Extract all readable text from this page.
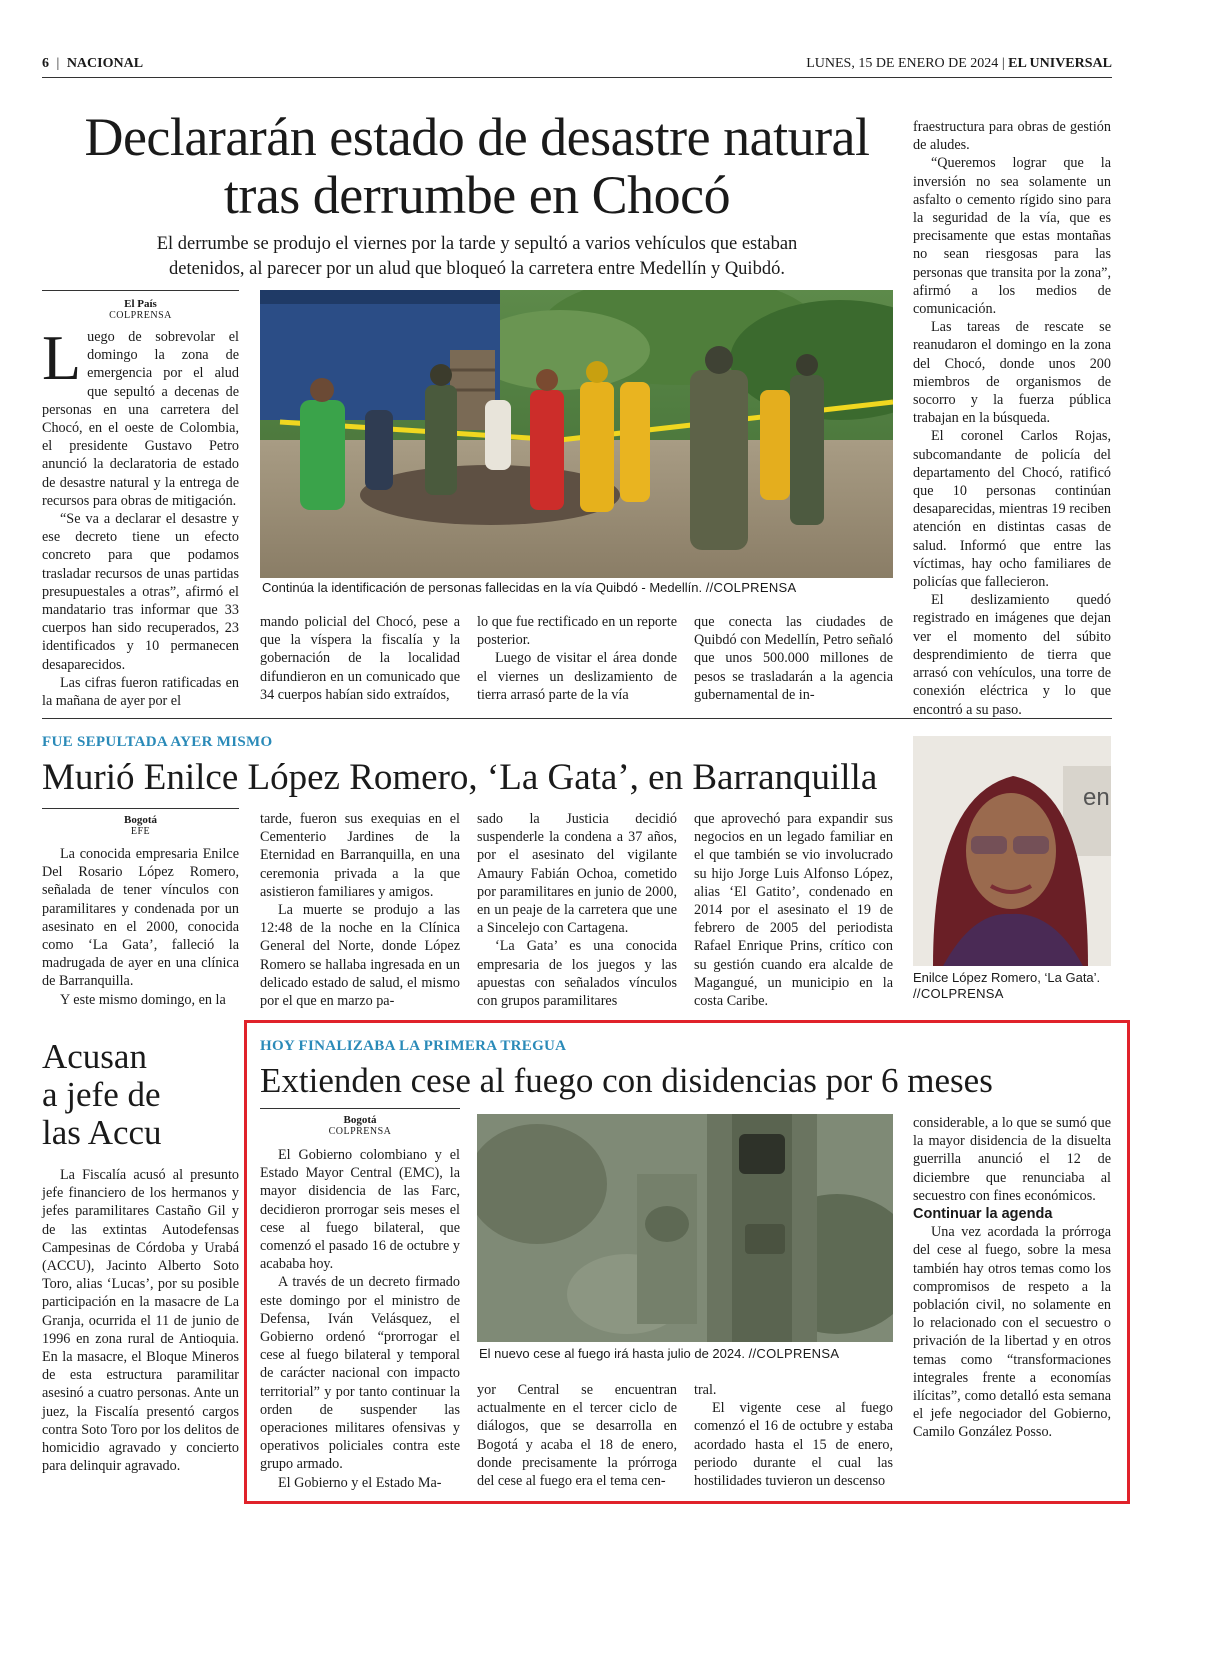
6 | NACIONAL	LUNES, 15 DE ENERO DE 2024 | EL UNIVERSAL
Declararán estado de desastre natural tras derrumbe en Chocó

El derrumbe se produjo el viernes por la tarde y sepultó a varios vehículos que estaban detenidos, al parecer por un alud que bloqueó la carretera entre Medellín y Quibdó.

El País
COLPRENSA

Luego de sobrevolar el domingo la zona de emergencia por el alud que sepultó a decenas de personas en una carretera del Chocó, en el oeste de Colombia, el presidente Gustavo Petro anunció la declaratoria de estado de desastre natural y la entrega de recursos para obras de mitigación.

“Se va a declarar el desastre y ese decreto tiene un efecto concreto para que podamos trasladar recursos de unas partidas presupuestales a otras”, afirmó el mandatario tras informar que 33 cuerpos han sido recuperados, 23 identificados y 10 permanecen desaparecidos.

Las cifras fueron ratificadas en la mañana de ayer por el

Continúa la identificación de personas fallecidas en la vía Quibdó - Medellín. //COLPRENSA

mando policial del Chocó, pese a que la víspera la fiscalía y la gobernación de la localidad difundieron en un comunicado que 34 cuerpos habían sido extraídos,

lo que fue rectificado en un reporte posterior.

Luego de visitar el área donde el viernes un deslizamiento de tierra arrasó parte de la vía

que conecta las ciudades de Quibdó con Medellín, Petro señaló que unos 500.000 millones de pesos se trasladarán a la agencia gubernamental de in-

fraestructura para obras de gestión de aludes.

“Queremos lograr que la inversión no sea solamente un asfalto o cemento rígido sino para la seguridad de la vía, que es precisamente que estas montañas no sean riesgosas para las personas que transita por la zona”, afirmó a los medios de comunicación.

Las tareas de rescate se reanudaron el domingo en la zona del Chocó, donde unos 200 miembros de organismos de socorro y la fuerza pública trabajan en la búsqueda.

El coronel Carlos Rojas, subcomandante de policía del departamento del Chocó, ratificó que 10 personas continúan desaparecidas, mientras 19 reciben atención en distintas casas de salud. Informó que entre las víctimas, hay ocho familiares de policías que fallecieron.

El deslizamiento quedó registrado en imágenes que dejan ver el momento del súbito desprendimiento de tierra que arrasó con vehículos, una torre de conexión eléctrica y lo que encontró a su paso.

FUE SEPULTADA AYER MISMO
Murió Enilce López Romero, ‘La Gata’, en Barranquilla
Bogotá
EFE

La conocida empresaria Enilce Del Rosario López Romero, señalada de tener vínculos con paramilitares y condenada por un asesinato en el 2000, conocida como ‘La Gata’, falleció la madrugada de ayer en una clínica de Barranquilla.

Y este mismo domingo, en la

tarde, fueron sus exequias en el Cementerio Jardines de la Eternidad en Barranquilla, en una ceremonia privada a la que asistieron familiares y amigos.

La muerte se produjo a las 12:48 de la noche en la Clínica General del Norte, donde López Romero se hallaba ingresada en un delicado estado de salud, el mismo por el que en marzo pa-

sado la Justicia decidió suspenderle la condena a 37 años, por el asesinato del vigilante Amaury Fabián Ochoa, cometido por paramilitares en junio de 2000, en un peaje de la carretera que une a Sincelejo con Cartagena.

‘La Gata’ es una conocida empresaria de los juegos y las apuestas con señalados vínculos con grupos paramilitares

que aprovechó para expandir sus negocios en un legado familiar en el que también se vio involucrado su hijo Jorge Luis Alfonso López, alias ‘El Gatito’, condenado en 2014 por el asesinato el 19 de febrero de 2005 del periodista Rafael Enrique Prins, crítico con su gestión cuando era alcalde de Magangué, un municipio en la costa Caribe.

en

Enilce López Romero, ‘La Gata’.
//COLPRENSA

Acusan
a jefe de
las Accu

La Fiscalía acusó al presunto jefe financiero de los hermanos y jefes paramilitares Castaño Gil y de las extintas Autodefensas Campesinas de Córdoba y Urabá (ACCU), Jacinto Alberto Soto Toro, alias ‘Lucas’, por su posible participación en la masacre de La Granja, ocurrida el 11 de junio de 1996 en zona rural de Antioquia. En la masacre, el Bloque Mineros de esta estructura paramilitar asesinó a cuatro personas. Ante un juez, la Fiscalía presentó cargos contra Soto Toro por los delitos de homicidio agravado y concierto para delinquir agravado.

HOY FINALIZABA LA PRIMERA TREGUA
Extienden cese al fuego con disidencias por 6 meses
Bogotá
COLPRENSA

El Gobierno colombiano y el Estado Mayor Central (EMC), la mayor disidencia de las Farc, decidieron prorrogar seis meses el cese al fuego bilateral, que comenzó el pasado 16 de octubre y acababa hoy.

A través de un decreto firmado este domingo por el ministro de Defensa, Iván Velásquez, el Gobierno ordenó “prorrogar el cese al fuego bilateral y temporal de carácter nacional con impacto territorial” y por tanto continuar la orden de suspender las operaciones militares ofensivas y operativos policiales contra este grupo armado.

El Gobierno y el Estado Ma-

El nuevo cese al fuego irá hasta julio de 2024. //COLPRENSA

yor Central se encuentran actualmente en el tercer ciclo de diálogos, que se desarrolla en Bogotá y acaba el 18 de enero, donde precisamente la prórroga del cese al fuego era el tema cen-

tral.

El vigente cese al fuego comenzó el 16 de octubre y estaba acordado hasta el 15 de enero, periodo durante el cual las hostilidades tuvieron un descenso

considerable, a lo que se sumó que la mayor disidencia de la disuelta guerrilla anunció el 12 de diciembre que renunciaba al secuestro con fines económicos.

Continuar la agenda

Una vez acordada la prórroga del cese al fuego, sobre la mesa también hay otros temas como los compromisos de respeto a la población civil, no solamente en lo relacionado con el secuestro o privación de la libertad y en otros temas como “transformaciones integrales frente a economías ilícitas”, como detalló esta semana el jefe negociador del Gobierno, Camilo González Posso.
